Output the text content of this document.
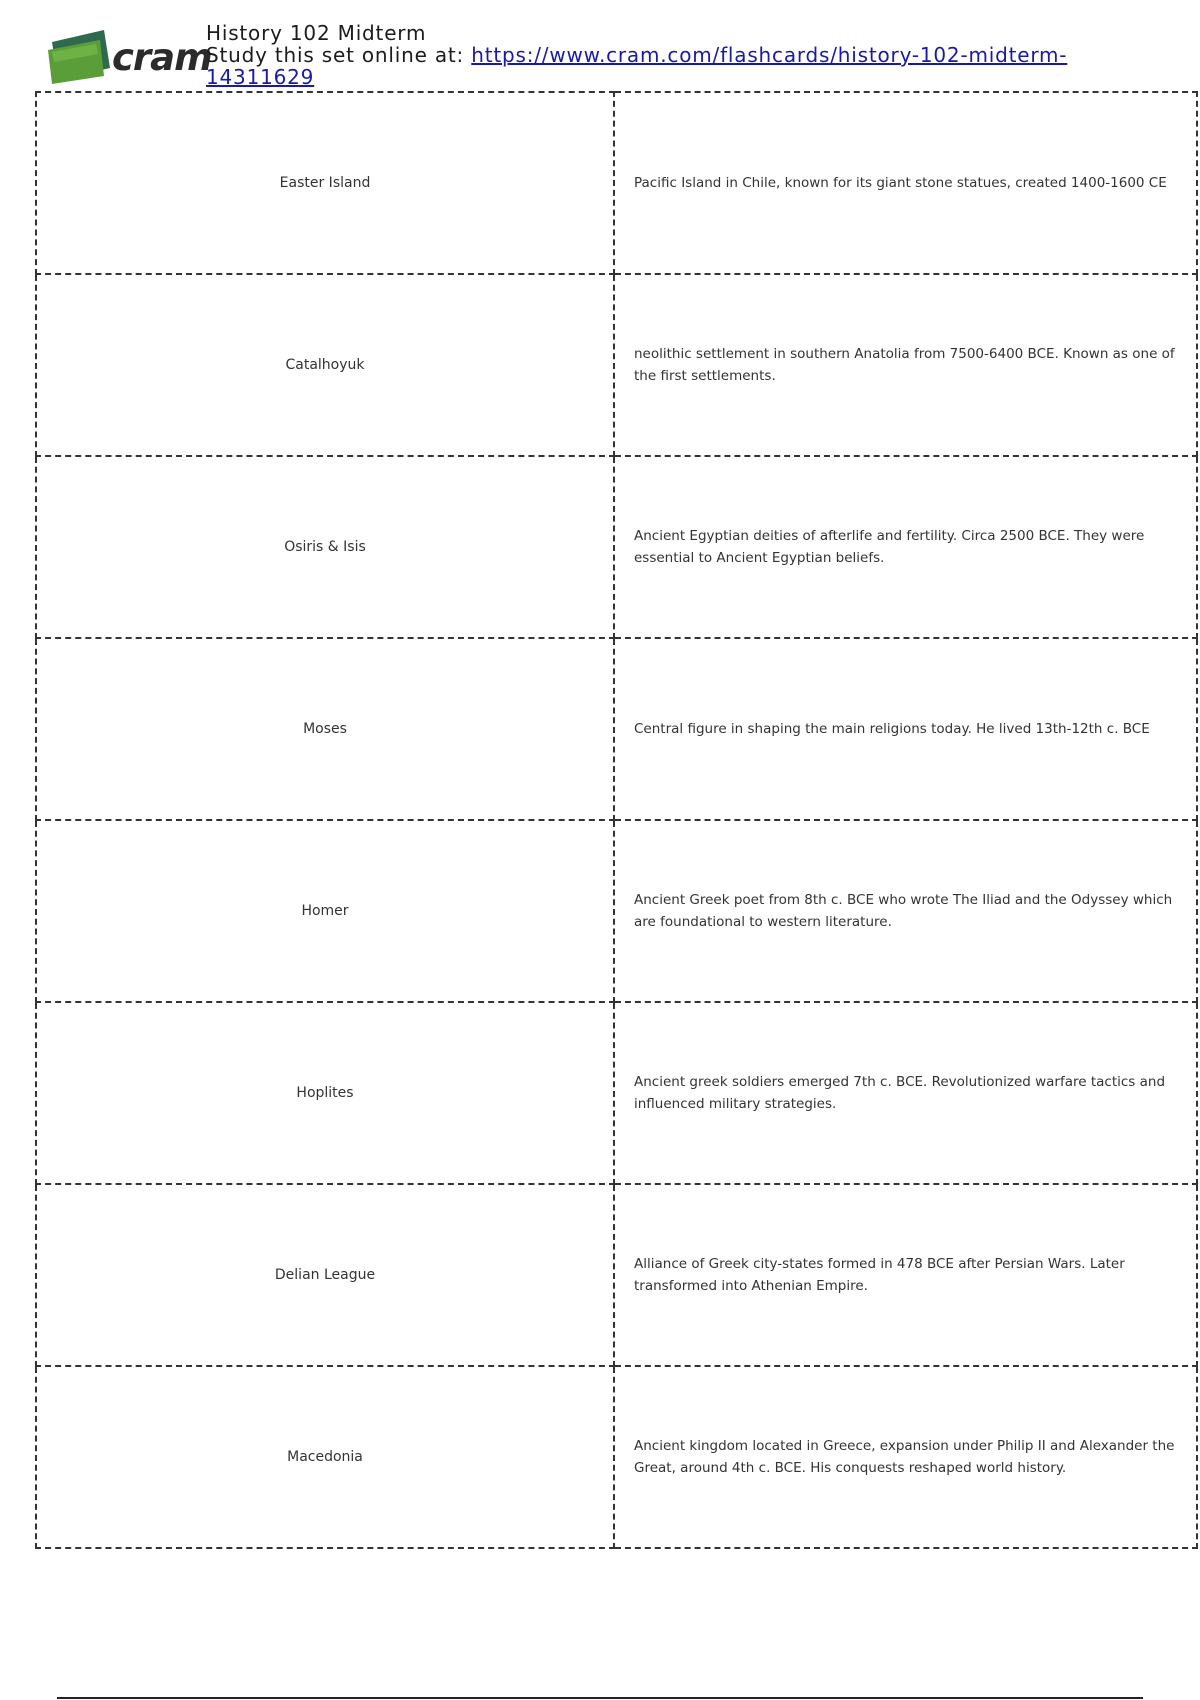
cram
History 102 Midterm
Study this set online at: https://www.cram.com/flashcards/history-102-midterm-14311629
Easter Island	Pacific Island in Chile, known for its giant stone statues, created 1400-1600 CE
Catalhoyuk	neolithic settlement in southern Anatolia from 7500-6400 BCE. Known as one of the first settlements.
Osiris & Isis	Ancient Egyptian deities of afterlife and fertility. Circa 2500 BCE. They were essential to Ancient Egyptian beliefs.
Moses	Central figure in shaping the main religions today. He lived 13th-12th c. BCE
Homer	Ancient Greek poet from 8th c. BCE who wrote The Iliad and the Odyssey which are foundational to western literature.
Hoplites	Ancient greek soldiers emerged 7th c. BCE. Revolutionized warfare tactics and influenced military strategies.
Delian League	Alliance of Greek city-states formed in 478 BCE after Persian Wars. Later transformed into Athenian Empire.
Macedonia	Ancient kingdom located in Greece, expansion under Philip II and Alexander the Great, around 4th c. BCE. His conquests reshaped world history.
